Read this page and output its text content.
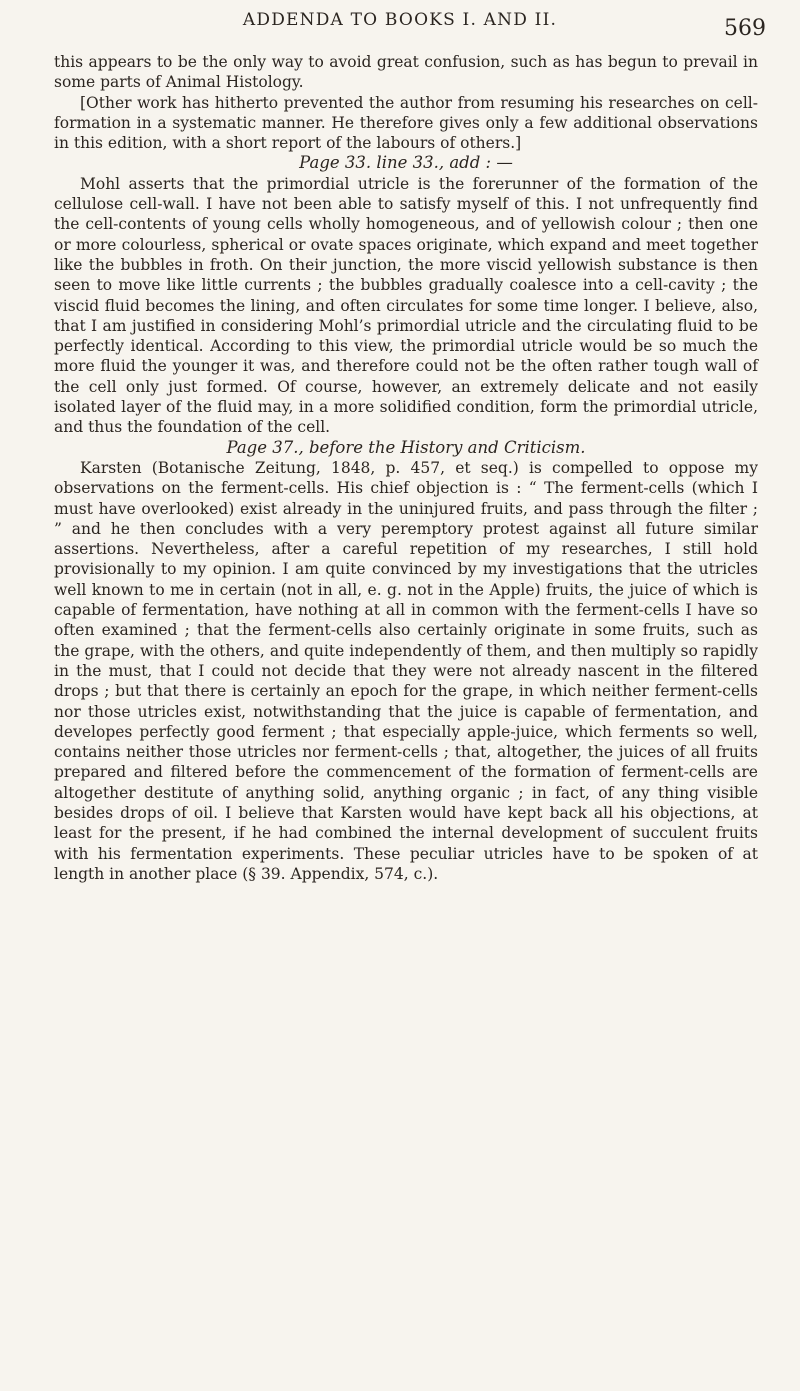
ADDENDA TO BOOKS I. AND II.	569

this appears to be the only way to avoid great confusion, such as has begun to prevail in some parts of Animal Histology.

[Other work has hitherto prevented the author from resuming his researches on cell-formation in a systematic manner. He therefore gives only a few additional observations in this edition, with a short report of the labours of others.]

Page 33. line 33., add : —

Mohl asserts that the primordial utricle is the forerunner of the formation of the cellulose cell-wall. I have not been able to satisfy myself of this. I not unfrequently find the cell-contents of young cells wholly homogeneous, and of yellowish colour ; then one or more colourless, spherical or ovate spaces originate, which expand and meet together like the bubbles in froth. On their junction, the more viscid yellowish substance is then seen to move like little currents ; the bubbles gradually coalesce into a cell-cavity ; the viscid fluid becomes the lining, and often circulates for some time longer. I believe, also, that I am justified in considering Mohl’s primordial utricle and the circulating fluid to be perfectly identical. According to this view, the primordial utricle would be so much the more fluid the younger it was, and therefore could not be the often rather tough wall of the cell only just formed. Of course, however, an extremely delicate and not easily isolated layer of the fluid may, in a more solidified condition, form the primordial utricle, and thus the foundation of the cell.

Page 37., before the History and Criticism.

Karsten (Botanische Zeitung, 1848, p. 457, et seq.) is compelled to oppose my observations on the ferment-cells. His chief objection is : “ The ferment-cells (which I must have overlooked) exist already in the uninjured fruits, and pass through the filter ; ” and he then concludes with a very peremptory protest against all future similar assertions. Nevertheless, after a careful repetition of my researches, I still hold provisionally to my opinion. I am quite convinced by my investigations that the utricles well known to me in certain (not in all, e. g. not in the Apple) fruits, the juice of which is capable of fermentation, have nothing at all in common with the ferment-cells I have so often examined ; that the ferment-cells also certainly originate in some fruits, such as the grape, with the others, and quite independently of them, and then multiply so rapidly in the must, that I could not decide that they were not already nascent in the filtered drops ; but that there is certainly an epoch for the grape, in which neither ferment-cells nor those utricles exist, notwithstanding that the juice is capable of fermentation, and developes perfectly good ferment ; that especially apple-juice, which ferments so well, contains neither those utricles nor ferment-cells ; that, altogether, the juices of all fruits prepared and filtered before the commencement of the formation of ferment-cells are altogether destitute of anything solid, anything organic ; in fact, of any thing visible besides drops of oil. I believe that Karsten would have kept back all his objections, at least for the present, if he had combined the internal development of succulent fruits with his fermentation experiments. These peculiar utricles have to be spoken of at length in another place (§ 39. Appendix, 574, c.).
